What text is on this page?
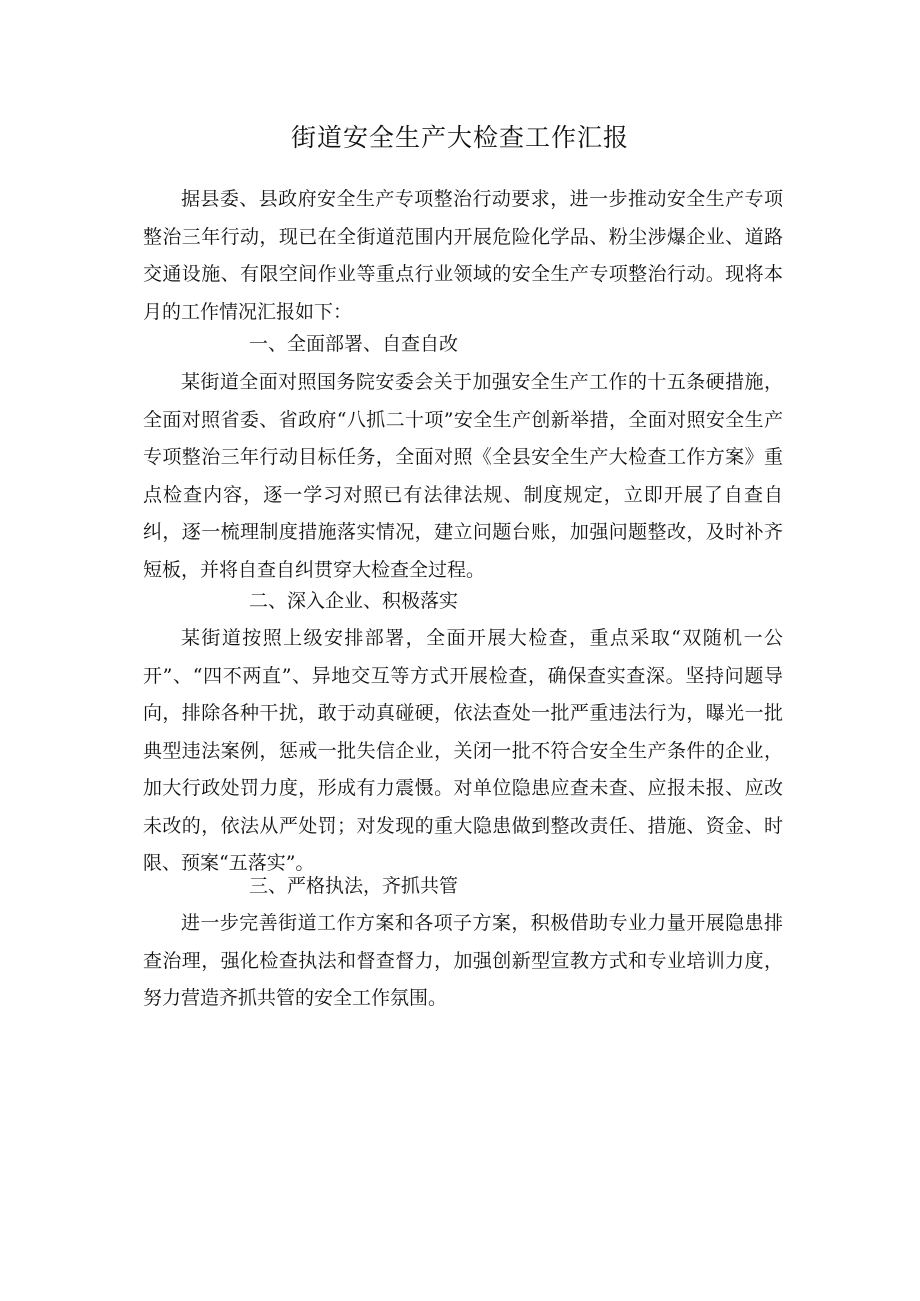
街道安全生产大检查工作汇报
据县委、县政府安全生产专项整治行动要求，进一步推动安全生产专项整治三年行动，现已在全街道范围内开展危险化学品、粉尘涉爆企业、道路交通设施、有限空间作业等重点行业领域的安全生产专项整治行动。现将本月的工作情况汇报如下：
一、全面部署、自查自改
某街道全面对照国务院安委会关于加强安全生产工作的十五条硬措施，全面对照省委、省政府“八抓二十项”安全生产创新举措，全面对照安全生产专项整治三年行动目标任务，全面对照《全县安全生产大检查工作方案》重点检查内容，逐一学习对照已有法律法规、制度规定，立即开展了自查自纠，逐一梳理制度措施落实情况，建立问题台账，加强问题整改，及时补齐短板，并将自查自纠贯穿大检查全过程。
二、深入企业、积极落实
某街道按照上级安排部署，全面开展大检查，重点采取“双随机一公开”、“四不两直”、异地交互等方式开展检查，确保查实查深。坚持问题导向，排除各种干扰，敢于动真碰硬，依法查处一批严重违法行为，曝光一批典型违法案例，惩戒一批失信企业，关闭一批不符合安全生产条件的企业，加大行政处罚力度，形成有力震慑。对单位隐患应查未查、应报未报、应改未改的，依法从严处罚；对发现的重大隐患做到整改责任、措施、资金、时限、预案“五落实”。
三、严格执法，齐抓共管
进一步完善街道工作方案和各项子方案，积极借助专业力量开展隐患排查治理，强化检查执法和督查督力，加强创新型宣教方式和专业培训力度，努力营造齐抓共管的安全工作氛围。
